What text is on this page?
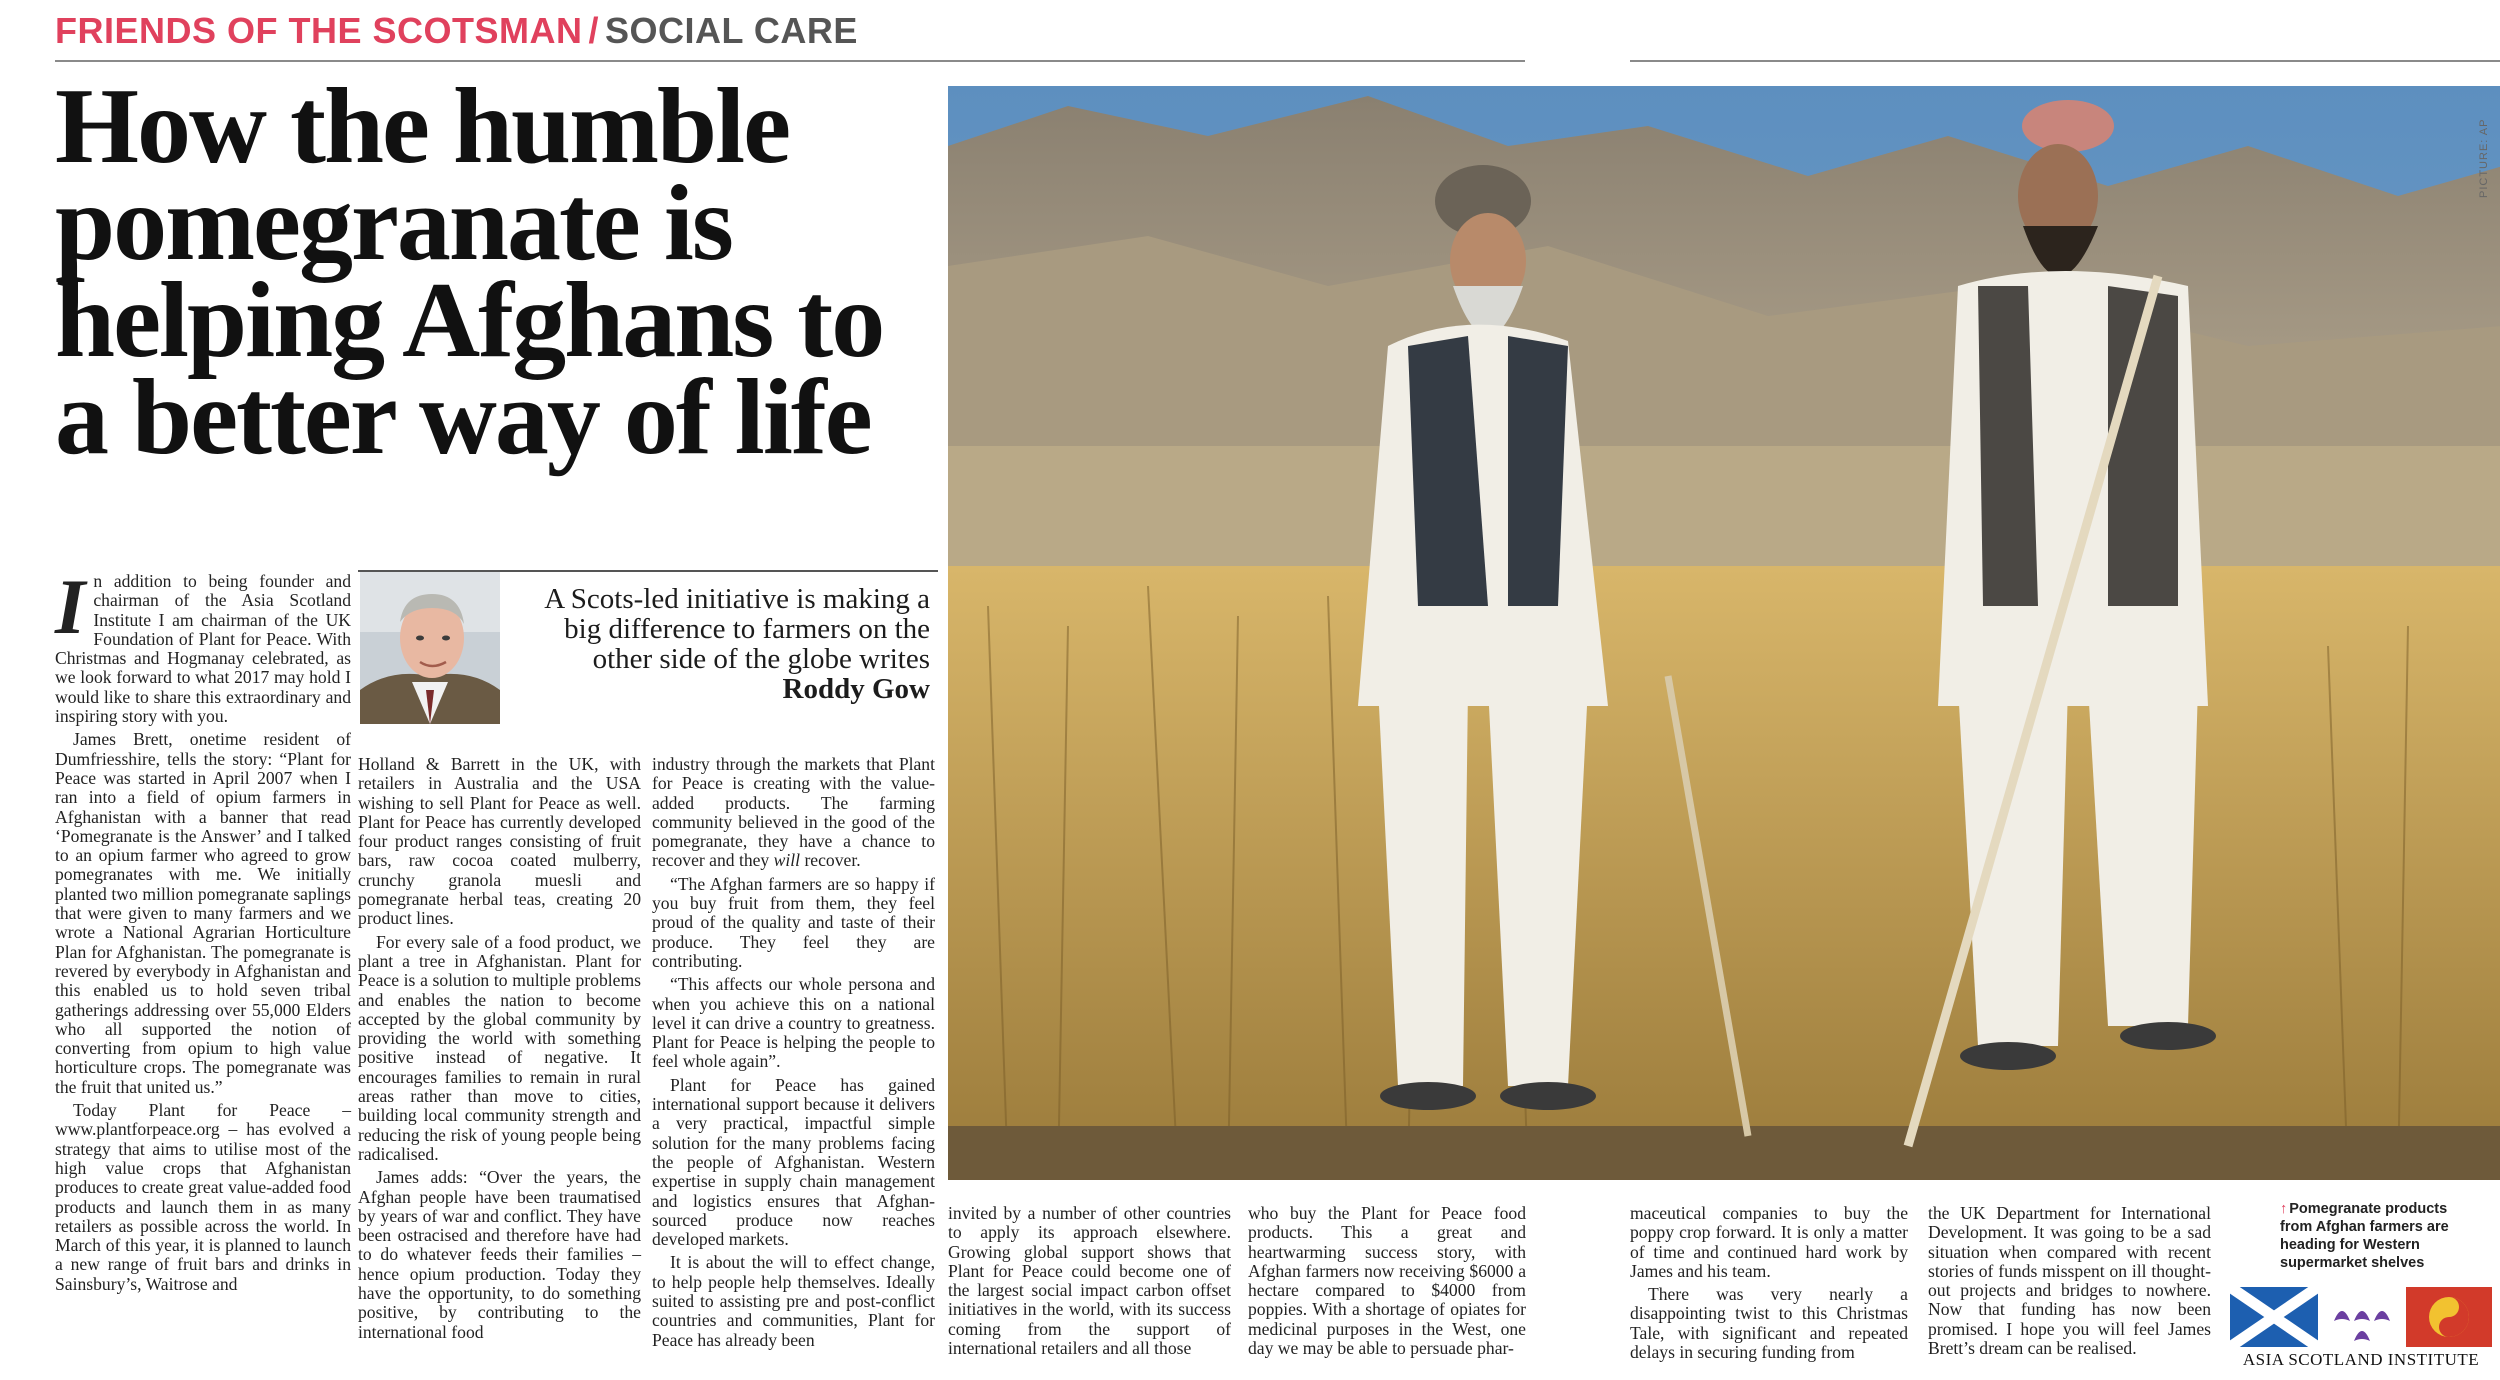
FRIENDS OF THE SCOTSMAN / SOCIAL CARE
How the humble pomegranate is helping Afghans to a better way of life

In addition to being founder and chairman of the Asia Scotland Institute I am chairman of the UK Foundation of Plant for Peace. With Christmas and Hogmanay celebrated, as we look forward to what 2017 may hold I would like to share this extraordinary and inspiring story with you.

James Brett, onetime resident of Dumfriesshire, tells the story: “Plant for Peace was started in April 2007 when I ran into a field of opium farmers in Afghanistan with a banner that read ‘Pomegranate is the Answer’ and I talked to an opium farmer who agreed to grow pomegranates with me. We initially planted two million pomegranate saplings that were given to many farmers and we wrote a National Agrarian Horticulture Plan for Afghanistan. The pomegranate is revered by everybody in Afghanistan and this enabled us to hold seven tribal gatherings addressing over 55,000 Elders who all supported the notion of converting from opium to high value horticulture crops. The pomegranate was the fruit that united us.”

Today Plant for Peace – www.plantforpeace.org – has evolved a strategy that aims to utilise most of the high value crops that Afghanistan produces to create great value-added food products and launch them in as many retailers as possible across the world. In March of this year, it is planned to launch a new range of fruit bars and drinks in Sainsbury’s, Waitrose and

A Scots-led initiative is making a big difference to farmers on the other side of the globe writes Roddy Gow

Holland & Barrett in the UK, with retailers in Australia and the USA wishing to sell Plant for Peace as well. Plant for Peace has currently developed four product ranges consisting of fruit bars, raw cocoa coated mulberry, crunchy granola muesli and pomegranate herbal teas, creating 20 product lines.

For every sale of a food product, we plant a tree in Afghanistan. Plant for Peace is a solution to multiple problems and enables the nation to become accepted by the global community by providing the world with something positive instead of negative. It encourages families to remain in rural areas rather than move to cities, building local community strength and reducing the risk of young people being radicalised.

James adds: “Over the years, the Afghan people have been traumatised by years of war and conflict. They have been ostracised and therefore have had to do whatever feeds their families – hence opium production. Today they have the opportunity, to do something positive, by contributing to the international food

industry through the markets that Plant for Peace is creating with the value-added products. The farming community believed in the good of the pomegranate, they have a chance to recover and they will recover.

“The Afghan farmers are so happy if you buy fruit from them, they feel proud of the quality and taste of their produce. They feel they are contributing.

“This affects our whole persona and when you achieve this on a national level it can drive a country to greatness. Plant for Peace is helping the people to feel whole again”.

Plant for Peace has gained international support because it delivers a very practical, impactful simple solution for the many problems facing the people of Afghanistan. Western expertise in supply chain management and logistics ensures that Afghan-sourced produce now reaches developed markets.

It is about the will to effect change, to help people help themselves. Ideally suited to assisting pre and post-conflict countries and communities, Plant for Peace has already been

PICTURE: AP

invited by a number of other countries to apply its approach elsewhere. Growing global support shows that Plant for Peace could become one of the largest social impact carbon offset initiatives in the world, with its success coming from the support of international retailers and all those

who buy the Plant for Peace food products. This a great and heartwarming success story, with Afghan farmers now receiving $6000 a hectare compared to $4000 from poppies. With a shortage of opiates for medicinal purposes in the West, one day we may be able to persuade phar-

maceutical companies to buy the poppy crop forward. It is only a matter of time and continued hard work by James and his team.

There was very nearly a disappointing twist to this Christmas Tale, with significant and repeated delays in securing funding from

the UK Department for International Development. It was going to be a sad situation when compared with recent stories of funds misspent on ill thought-out projects and bridges to nowhere. Now that funding has now been promised. I hope you will feel James Brett’s dream can be realised.

↑ Pomegranate products from Afghan farmers are heading for Western supermarket shelves
ASIA SCOTLAND INSTITUTE
